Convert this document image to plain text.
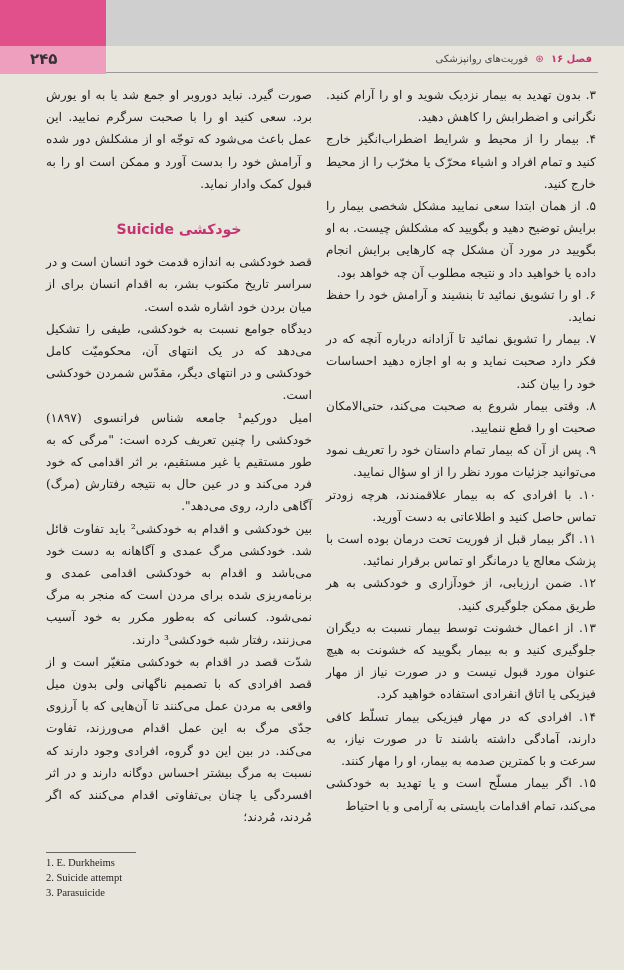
۲۴۵	فصل ۱۶ ⊛ فوریت‌های روانپزشکی

۳. بدون تهدید به بیمار نزدیک شوید و او را آرام کنید. نگرانی و اضطرابش را کاهش دهید.

۴. بیمار را از محیط و شرایط اضطراب‌انگیز خارج کنید و تمام افراد و اشیاء محرّک یا مخرّب را از محیط خارج کنید.

۵. از همان ابتدا سعی نمایید مشکل شخصی بیمار را برایش توضیح دهید و بگویید که مشکلش چیست. به او بگویید در مورد آن مشکل چه کارهایی برایش انجام داده یا خواهید داد و نتیجه مطلوب آن چه خواهد بود.

۶. او را تشویق نمائید تا بنشیند و آرامش خود را حفظ نماید.

۷. بیمار را تشویق نمائید تا آزادانه درباره آنچه که در فکر دارد صحبت نماید و به او اجازه دهید احساسات خود را بیان کند.

۸. وقتی بیمار شروع به صحبت می‌کند، حتی‌الامکان صحبت او را قطع ننمایید.

۹. پس از آن که بیمار تمام داستان خود را تعریف نمود می‌توانید جزئیات مورد نظر را از او سؤال نمایید.

۱۰. با افرادی که به بیمار علاقمندند، هرچه زودتر تماس حاصل کنید و اطلاعاتی به دست آورید.

۱۱. اگر بیمار قبل از فوریت تحت درمان بوده است با پزشک معالج یا درمانگر او تماس برقرار نمائید.

۱۲. ضمن ارزیابی، از خودآزاری و خودکشی به هر طریق ممکن جلوگیری کنید.

۱۳. از اعمال خشونت توسط بیمار نسبت به دیگران جلوگیری کنید و به بیمار بگویید که خشونت به هیچ عنوان مورد قبول نیست و در صورت نیاز از مهار فیزیکی یا اتاق انفرادی استفاده خواهید کرد.

۱۴. افرادی که در مهار فیزیکی بیمار تسلّط کافی دارند، آمادگی داشته باشند تا در صورت نیاز، به سرعت و با کمترین صدمه به بیمار، او را مهار کنند.

۱۵. اگر بیمار مسلّح است و یا تهدید به خودکشی می‌کند، تمام اقدامات بایستی به آرامی و با احتیاط

صورت گیرد. نباید دوروبر او جمع شد یا به او یورش برد. سعی کنید او را با صحبت سرگرم نمایید. این عمل باعث می‌شود که توجّه او از مشکلش دور شده و آرامش خود را بدست آورد و ممکن است او را به قبول کمک وادار نماید.

خودکشی Suicide

قصد خودکشی به اندازه قدمت خود انسان است و در سراسر تاریخ مکتوب بشر، به اقدام انسان برای از میان بردن خود اشاره شده است.

دیدگاه جوامع نسبت به خودکشی، طیفی را تشکیل می‌دهد که در یک انتهای آن، محکومیّت کامل خودکشی و در انتهای دیگر، مقدّس شمردن خودکشی است.

امیل دورکیم¹ جامعه شناس فرانسوی (۱۸۹۷) خودکشی را چنین تعریف کرده است: "مرگی که به طور مستقیم یا غیر مستقیم، بر اثر اقدامی که خود فرد می‌کند و در عین حال به نتیجه رفتارش (مرگ) آگاهی دارد، روی می‌دهد".

بین خودکشی و اقدام به خودکشی² باید تفاوت قائل شد. خودکشی مرگ عمدی و آگاهانه به دست خود می‌باشد و اقدام به خودکشی اقدامی عمدی و برنامه‌ریزی شده برای مردن است که منجر به مرگ نمی‌شود. کسانی که به‌طور مکرر به خود آسیب می‌زنند، رفتار شبه خودکشی³ دارند.

شدّت قصد در اقدام به خودکشی متغیّر است و از قصد افرادی که با تصمیم ناگهانی ولی بدون میل واقعی به مردن عمل می‌کنند تا آن‌هایی که با آرزوی جدّی مرگ به این عمل اقدام می‌ورزند، تفاوت می‌کند. در بین این دو گروه، افرادی وجود دارند که نسبت به مرگ بیشتر احساس دوگانه دارند و در اثر افسردگی یا چنان بی‌تفاوتی اقدام می‌کنند که اگر مُردند، مُردند؛

1. E. Durkheims
2. Suicide attempt
3. Parasuicide
